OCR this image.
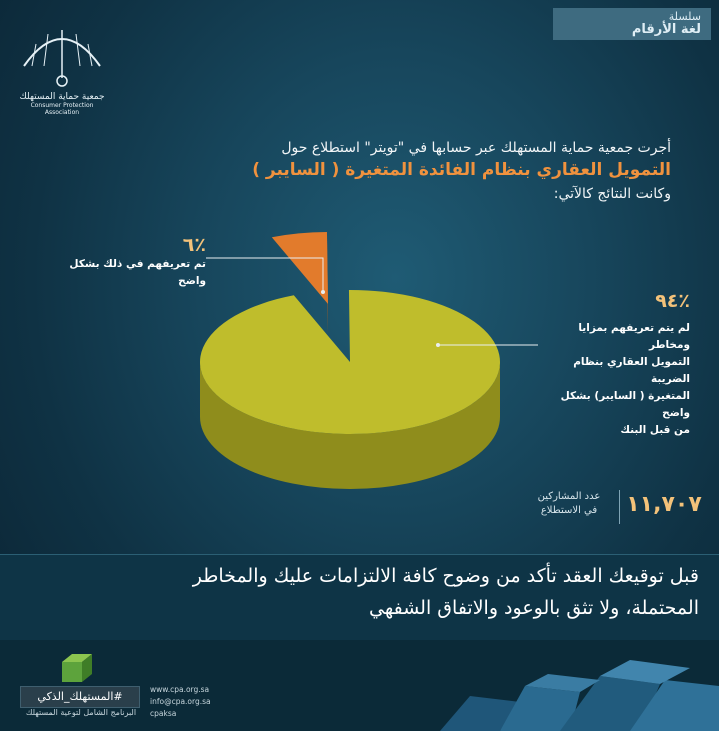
سلسلة
لغة الأرقام
جمعية حماية المستهلك
Consumer Protection Association
أجرت جمعية حماية المستهلك عبر حسابها في "تويتر" استطلاع حول
التمويل العقاري بنظام الفائدة المتغيرة ( السايبر )
وكانت النتائج كالآتي:
٪٦
تم تعريفهم في ذلك بشكل واضح
٪٩٤
لم يتم تعريفهم بمزايا ومخاطر
التمويل العقاري بنظام الضريبة
المتغيرة ( السايبر) بشكل واضح
من قبل البنك
عدد المشاركين
في الاستطلاع	١١,٧٠٧
قبل توقيعك العقد تأكد من وضوح كافة الالتزامات عليك والمخاطر
المحتملة، ولا تثق بالوعود والاتفاق الشفهي
#المستهلك_الذكي
البرنامج الشامل لتوعية المستهلك
www.cpa.org.sa
info@cpa.org.sa
cpaksa
